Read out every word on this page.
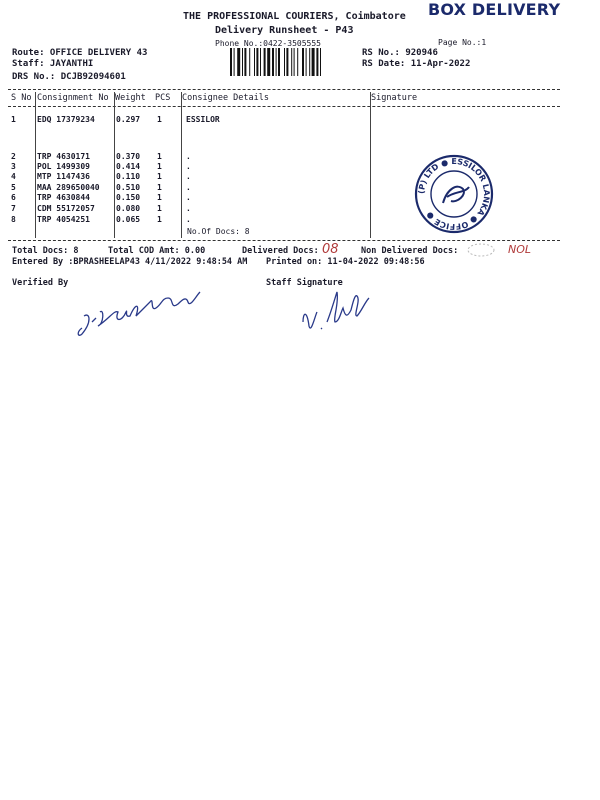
THE PROFESSIONAL COURIERS, Coimbatore BOX DELIVERY
Delivery Runsheet - P43
Phone No.:0422-3505555	Page No.:1
Route: OFFICE DELIVERY 43
Staff: JAYANTHI
DRS No.: DCJB92094601
RS No.: 920946
RS Date: 11-Apr-2022
S No Consignment No Weight PCS Consignee Details	Signature
1	EDQ 17379234	0.297 1	ESSILOR
2	TRP 4630171	0.370 1	.
3	POL 1499309	0.414 1	.
4	MTP 1147436	0.110 1	.
5	MAA 289650040 0.510 1	.
6	TRP 4630844	0.150 1	.
7	CDM 55172057	0.080 1	.
8	TRP 4054251	0.065 1	.
No.Of Docs: 8
(P) LTD ● ESSILOR LANKA ● OFFICE ●
Total Docs: 8	Total COD Amt: 0.00	Delivered Docs: 08	Non Delivered Docs:	NOL
Entered By :BPRASHEELAP43 4/11/2022 9:48:54 AM Printed on: 11-04-2022 09:48:56
Verified By	Staff Signature
